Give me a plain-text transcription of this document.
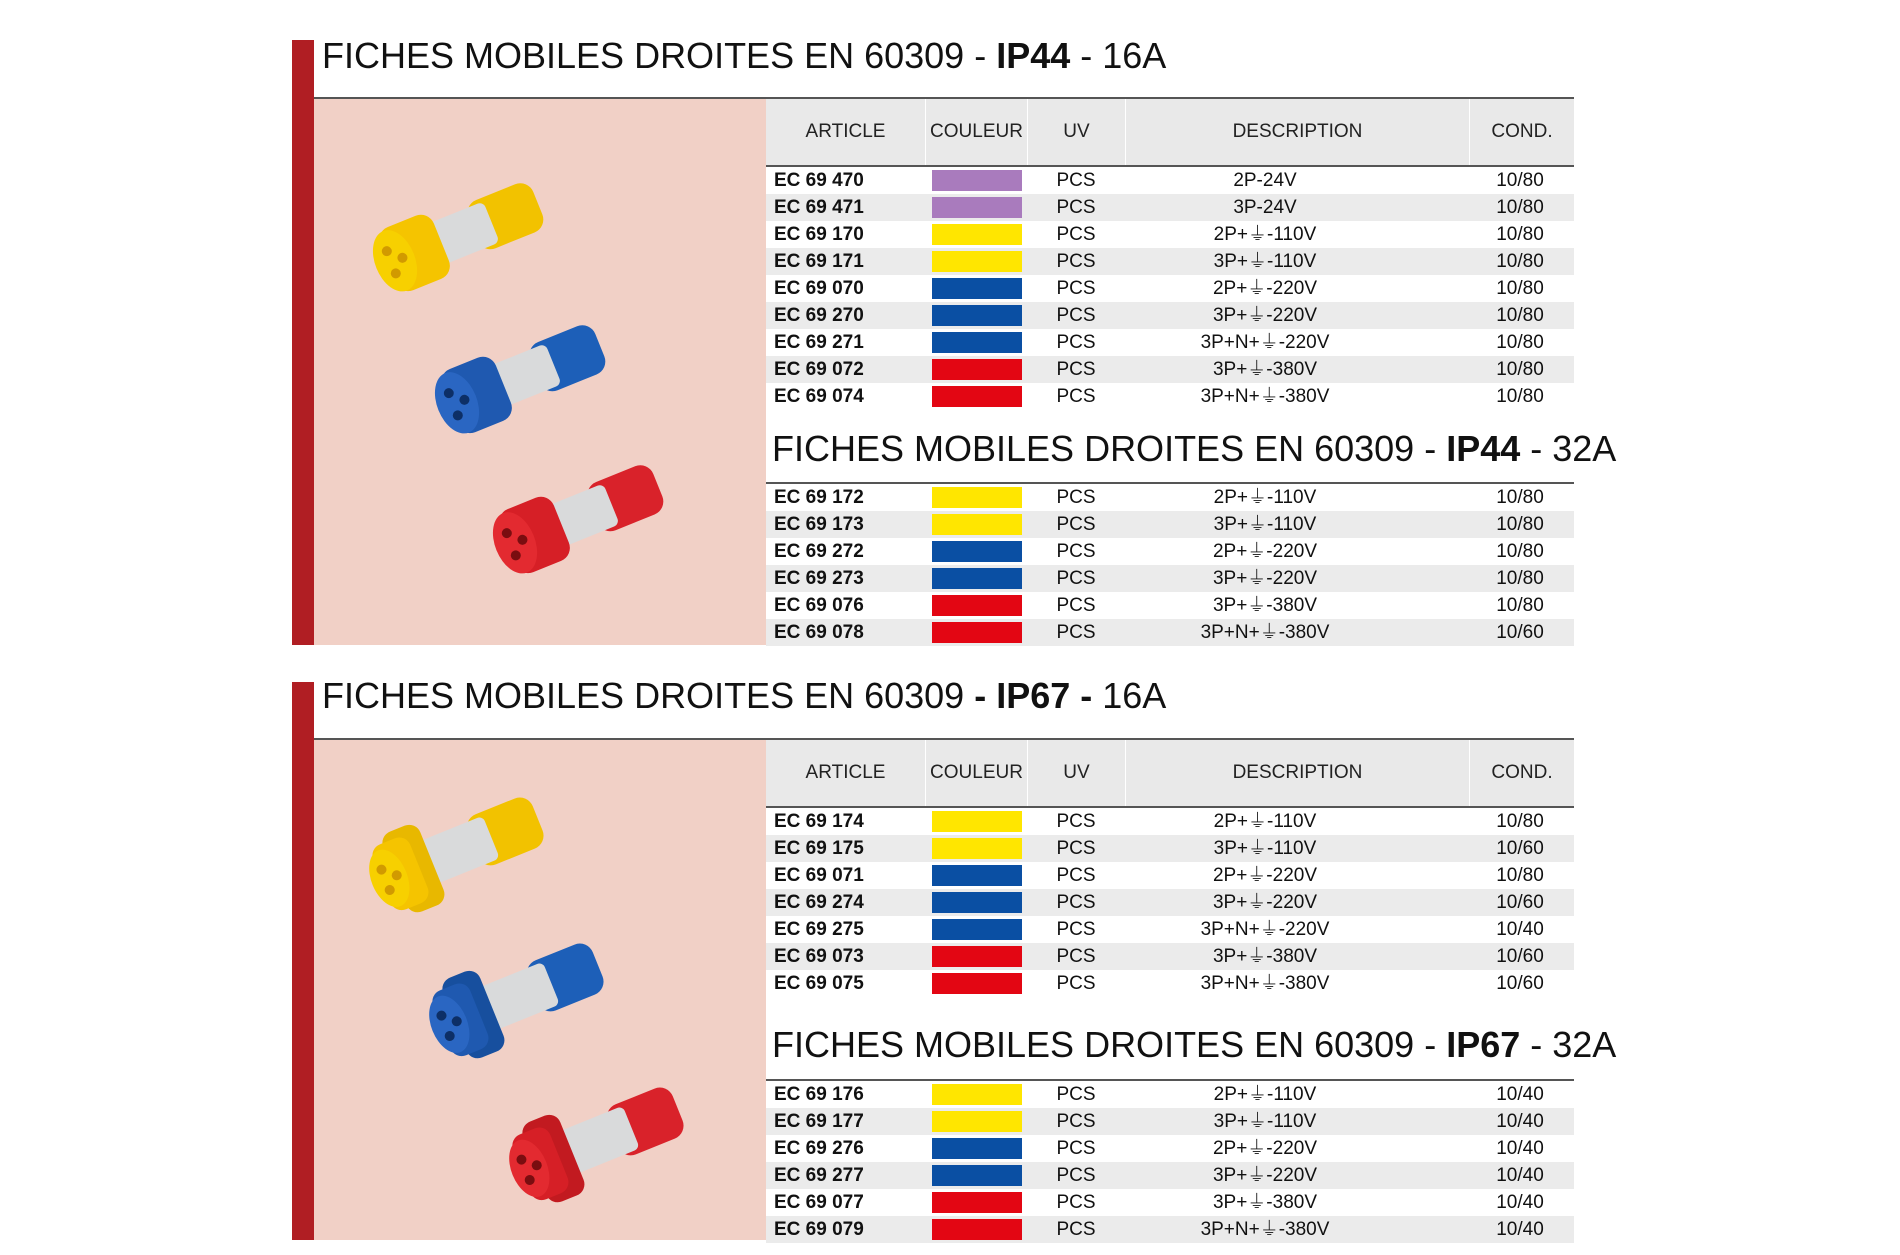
FICHES MOBILES DROITES EN 60309 - IP44 - 16A
ARTICLE	COULEUR	UV	DESCRIPTION	COND.
EC 69 470	PCS	2P-24V	10/80
EC 69 471	PCS	3P-24V	10/80
EC 69 170	PCS	2P+⏚-110V	10/80
EC 69 171	PCS	3P+⏚-110V	10/80
EC 69 070	PCS	2P+⏚-220V	10/80
EC 69 270	PCS	3P+⏚-220V	10/80
EC 69 271	PCS	3P+N+⏚-220V	10/80
EC 69 072	PCS	3P+⏚-380V	10/80
EC 69 074	PCS	3P+N+⏚-380V	10/80
FICHES MOBILES DROITES EN 60309 - IP44 - 32A
EC 69 172	PCS	2P+⏚-110V	10/80
EC 69 173	PCS	3P+⏚-110V	10/80
EC 69 272	PCS	2P+⏚-220V	10/80
EC 69 273	PCS	3P+⏚-220V	10/80
EC 69 076	PCS	3P+⏚-380V	10/80
EC 69 078	PCS	3P+N+⏚-380V	10/60
FICHES MOBILES DROITES EN 60309 - IP67 - 16A
ARTICLE	COULEUR	UV	DESCRIPTION	COND.
EC 69 174	PCS	2P+⏚-110V	10/80
EC 69 175	PCS	3P+⏚-110V	10/60
EC 69 071	PCS	2P+⏚-220V	10/80
EC 69 274	PCS	3P+⏚-220V	10/60
EC 69 275	PCS	3P+N+⏚-220V	10/40
EC 69 073	PCS	3P+⏚-380V	10/60
EC 69 075	PCS	3P+N+⏚-380V	10/60
FICHES MOBILES DROITES EN 60309 - IP67 - 32A
EC 69 176	PCS	2P+⏚-110V	10/40
EC 69 177	PCS	3P+⏚-110V	10/40
EC 69 276	PCS	2P+⏚-220V	10/40
EC 69 277	PCS	3P+⏚-220V	10/40
EC 69 077	PCS	3P+⏚-380V	10/40
EC 69 079	PCS	3P+N+⏚-380V	10/40
